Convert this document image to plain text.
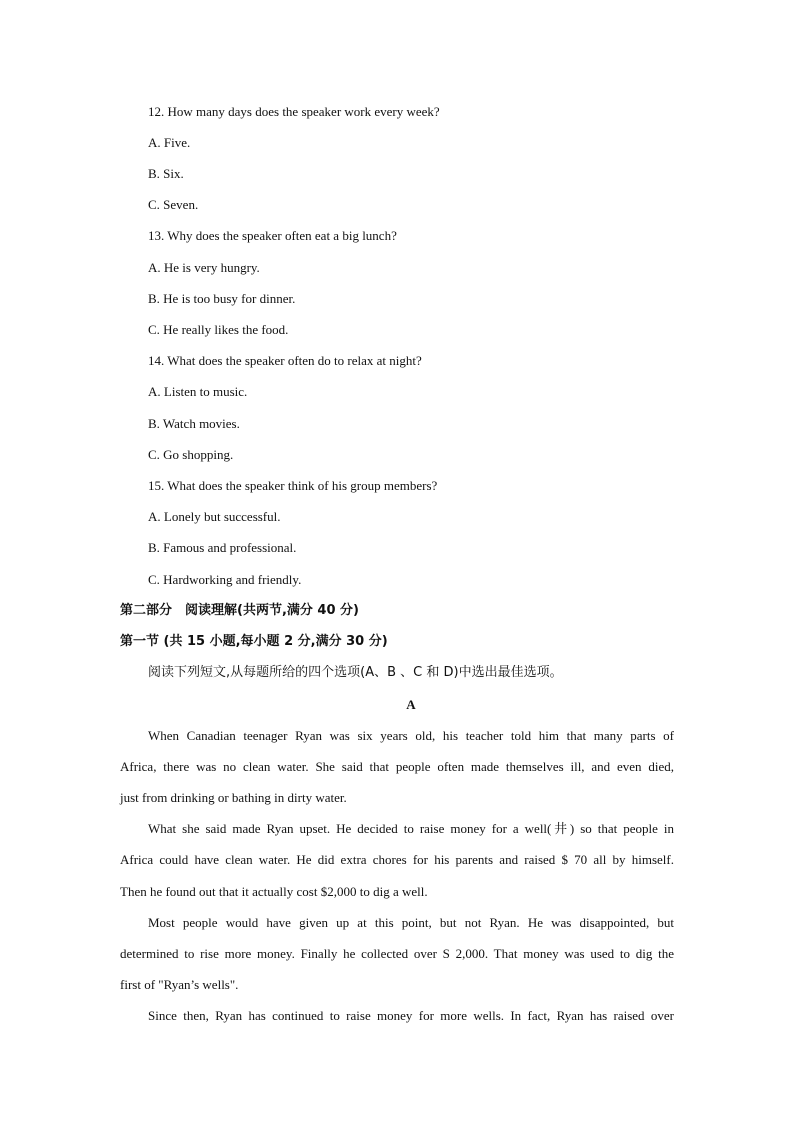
12. How many days does the speaker work every week?
A. Five.
B. Six.
C. Seven.
13. Why does the speaker often eat a big lunch?
A. He is very hungry.
B. He is too busy for dinner.
C. He really likes the food.
14. What does the speaker often do to relax at night?
A. Listen to music.
B. Watch movies.
C. Go shopping.
15. What does the speaker think of his group members?
A. Lonely but successful.
B. Famous and professional.
C. Hardworking and friendly.
第二部分　阅读理解(共两节,满分 40 分)
第一节 (共 15 小题,每小题 2 分,满分 30 分)
阅读下列短文,从每题所给的四个选项(A、B 、C 和 D)中选出最佳选项。
A
When Canadian teenager Ryan was six years old, his teacher told him that many parts of
Africa, there was no clean water. She said that people often made themselves ill, and even died,
just from drinking or bathing in dirty water.
What she said made Ryan upset. He decided to raise money for a well(井) so that people in
Africa could have clean water. He did extra chores for his parents and raised $ 70 all by himself.
Then he found out that it actually cost $2,000 to dig a well.
Most people would have given up at this point, but not Ryan. He was disappointed, but
determined to rise more money. Finally he collected over S 2,000. That money was used to dig the
first of "Ryan’s wells".
Since then, Ryan has continued to raise money for more wells. In fact, Ryan has raised over
